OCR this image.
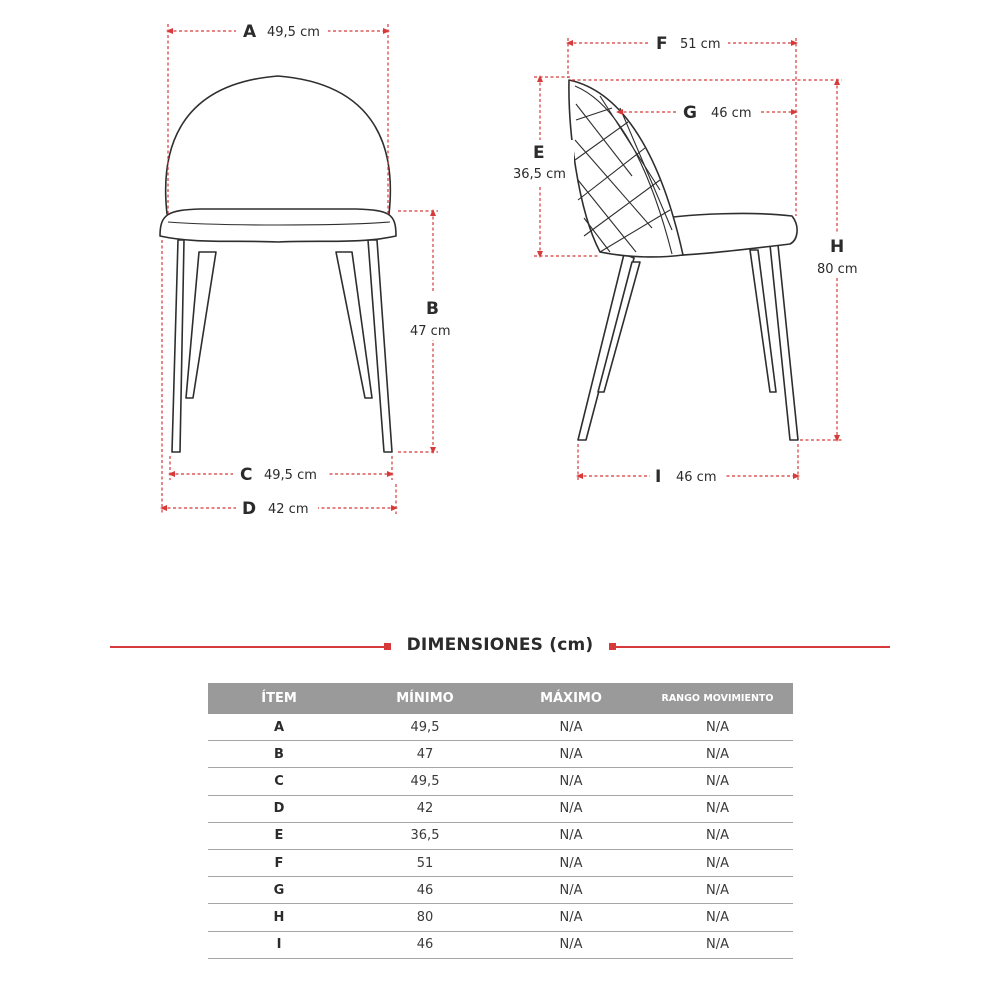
A 49,5 cm
B
47 cm
C 49,5 cm
D 42 cm
E
36,5 cm
F 51 cm
G 46 cm
H
80 cm
I 46 cm
DIMENSIONES (cm)
ÍTEM	MÍNIMO	MÁXIMO	RANGO MOVIMIENTO
A	49,5	N/A	N/A
B	47	N/A	N/A
C	49,5	N/A	N/A
D	42	N/A	N/A
E	36,5	N/A	N/A
F	51	N/A	N/A
G	46	N/A	N/A
H	80	N/A	N/A
I	46	N/A	N/A
